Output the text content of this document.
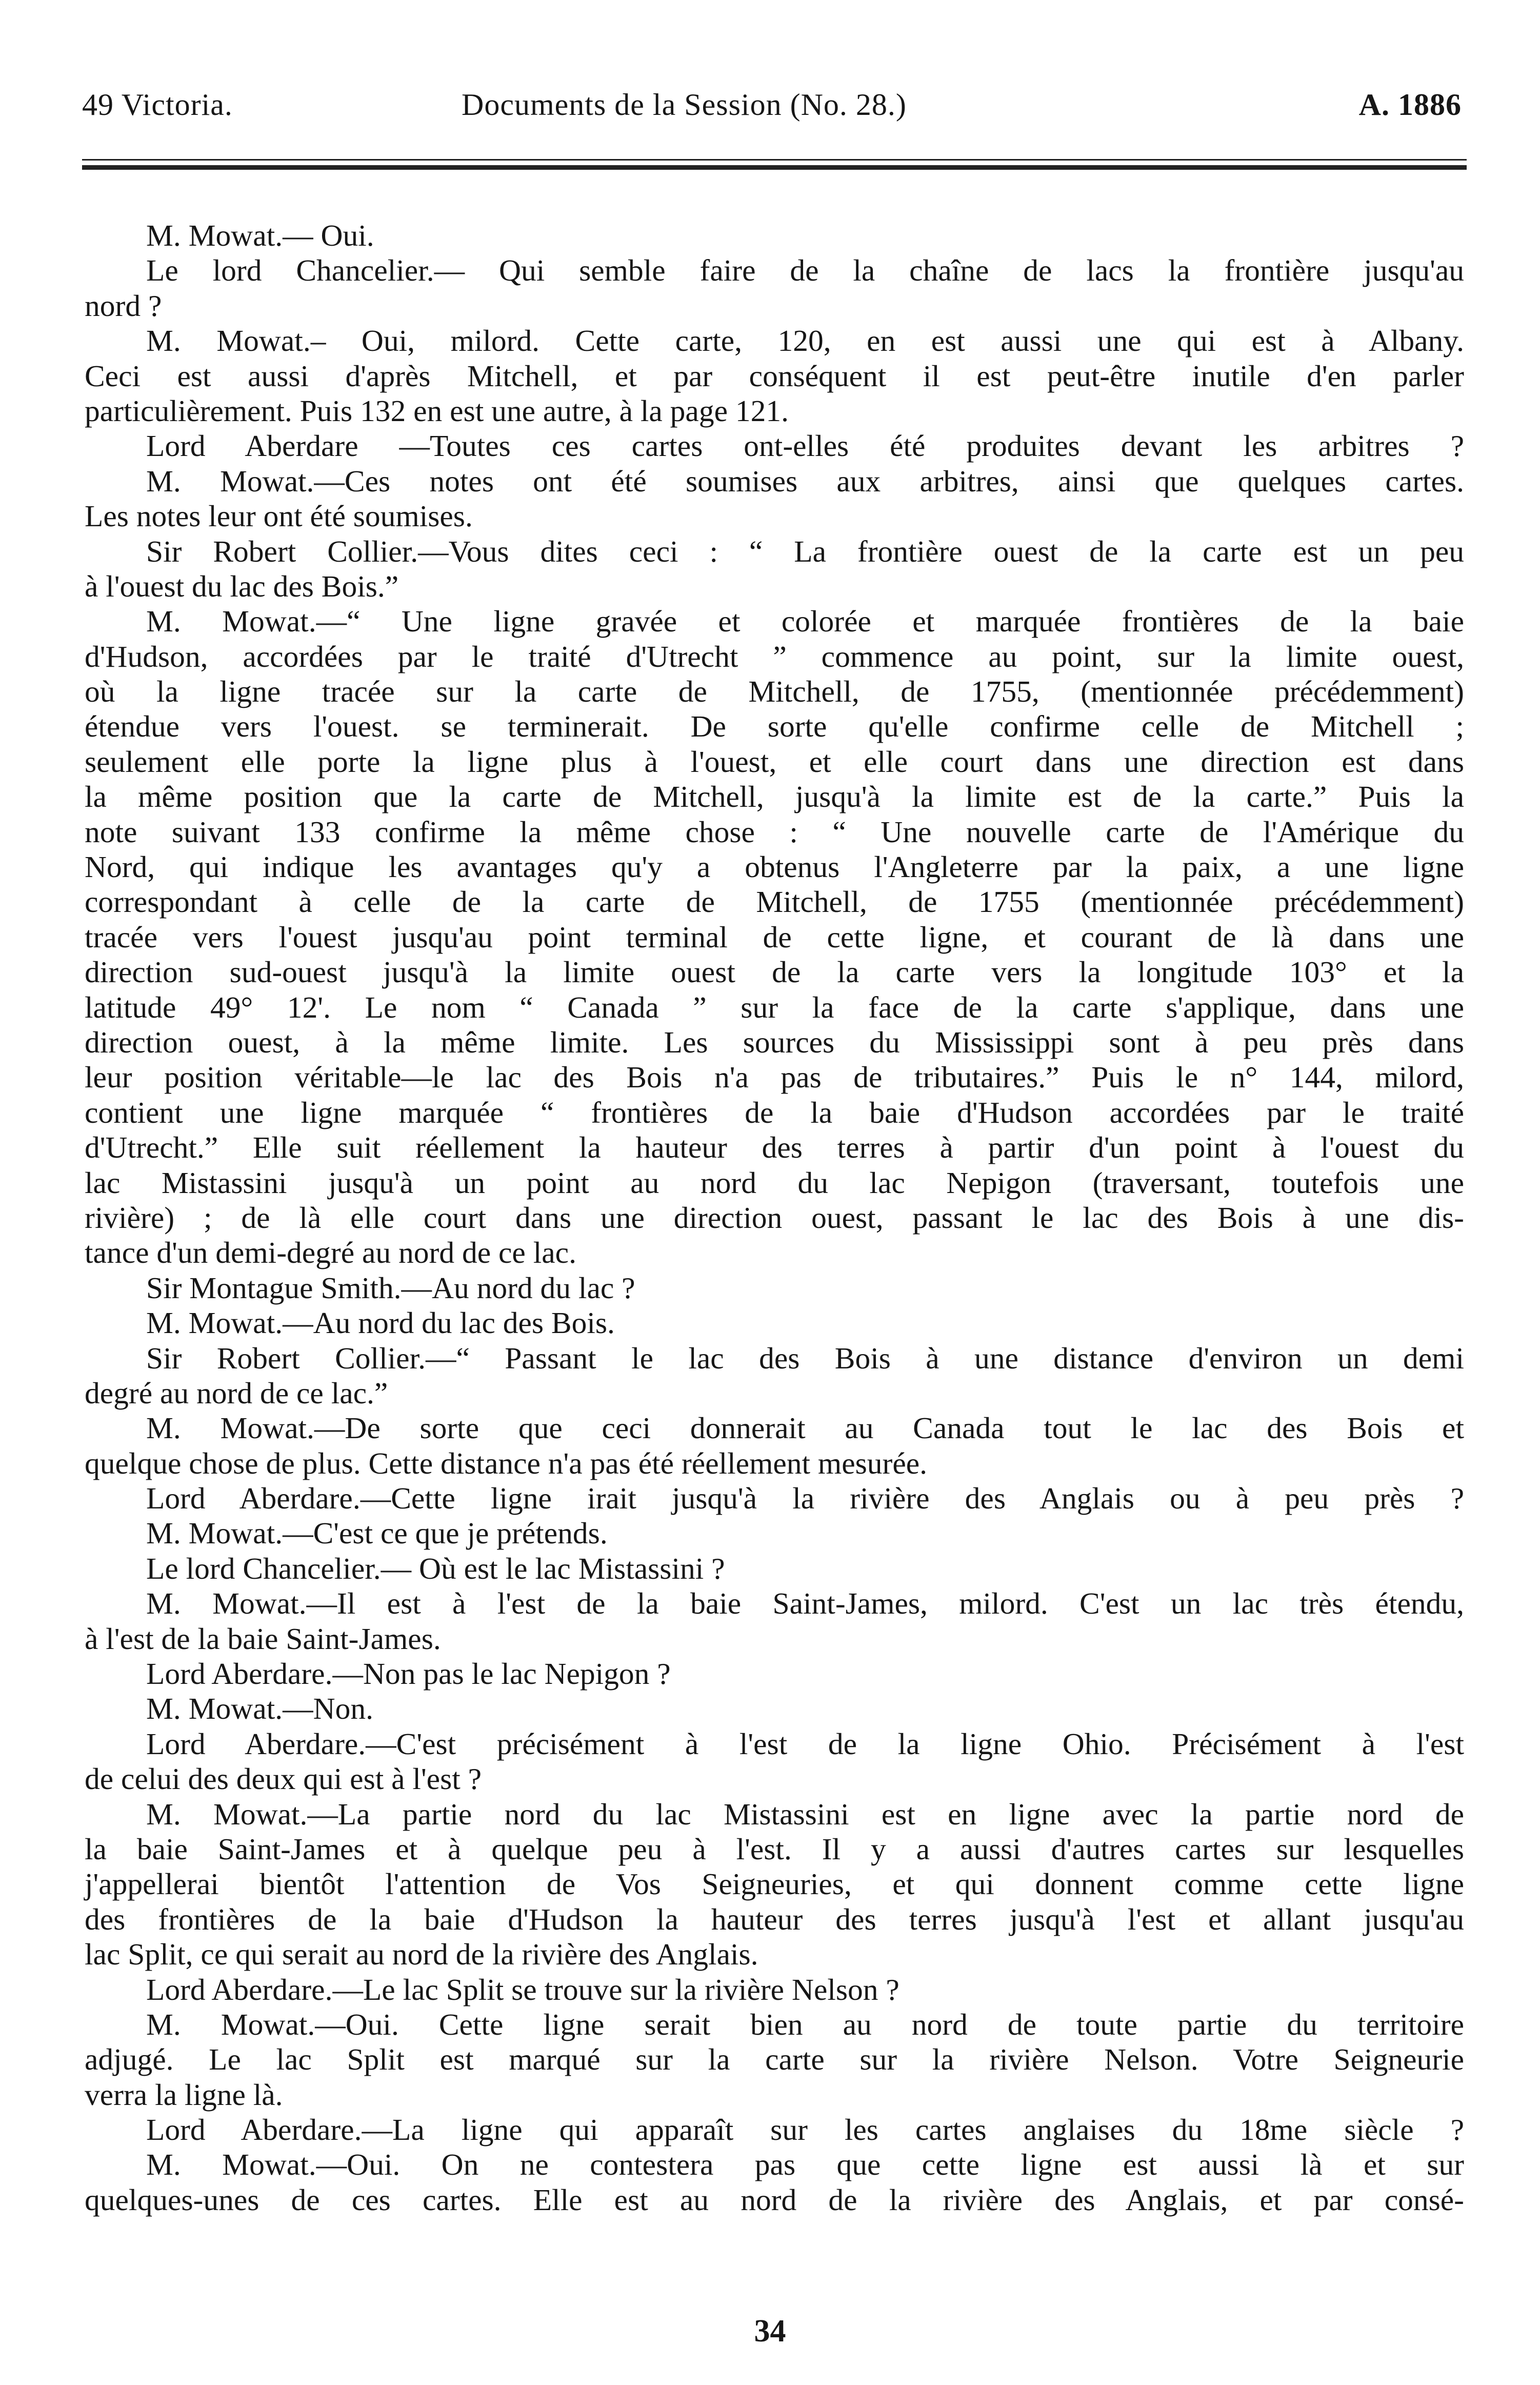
49 Victoria.	Documents de la Session (No. 28.)	A. 1886
M. Mowat.— Oui.
Le lord Chancelier.— Qui semble faire de la chaîne de lacs la frontière jusqu'au
nord ?
M. Mowat.– Oui, milord. Cette carte, 120, en est aussi une qui est à Albany.
Ceci est aussi d'après Mitchell, et par conséquent il est peut-être inutile d'en parler
particulièrement. Puis 132 en est une autre, à la page 121.
Lord Aberdare —Toutes ces cartes ont-elles été produites devant les arbitres ?
M. Mowat.—Ces notes ont été soumises aux arbitres, ainsi que quelques cartes.
Les notes leur ont été soumises.
Sir Robert Collier.—Vous dites ceci : “ La frontière ouest de la carte est un peu
à l'ouest du lac des Bois.”
M. Mowat.—“ Une ligne gravée et colorée et marquée frontières de la baie
d'Hudson, accordées par le traité d'Utrecht ” commence au point, sur la limite ouest,
où la ligne tracée sur la carte de Mitchell, de 1755, (mentionnée précédemment)
étendue vers l'ouest. se terminerait. De sorte qu'elle confirme celle de Mitchell ;
seulement elle porte la ligne plus à l'ouest, et elle court dans une direction est dans
la même position que la carte de Mitchell, jusqu'à la limite est de la carte.” Puis la
note suivant 133 confirme la même chose : “ Une nouvelle carte de l'Amérique du
Nord, qui indique les avantages qu'y a obtenus l'Angleterre par la paix, a une ligne
correspondant à celle de la carte de Mitchell, de 1755 (mentionnée précédemment)
tracée vers l'ouest jusqu'au point terminal de cette ligne, et courant de là dans une
direction sud-ouest jusqu'à la limite ouest de la carte vers la longitude 103° et la
latitude 49° 12'. Le nom “ Canada ” sur la face de la carte s'applique, dans une
direction ouest, à la même limite. Les sources du Mississippi sont à peu près dans
leur position véritable—le lac des Bois n'a pas de tributaires.” Puis le n° 144, milord,
contient une ligne marquée “ frontières de la baie d'Hudson accordées par le traité
d'Utrecht.” Elle suit réellement la hauteur des terres à partir d'un point à l'ouest du
lac Mistassini jusqu'à un point au nord du lac Nepigon (traversant, toutefois une
rivière) ; de là elle court dans une direction ouest, passant le lac des Bois à une dis-
tance d'un demi-degré au nord de ce lac.
Sir Montague Smith.—Au nord du lac ?
M. Mowat.—Au nord du lac des Bois.
Sir Robert Collier.—“ Passant le lac des Bois à une distance d'environ un demi
degré au nord de ce lac.”
M. Mowat.—De sorte que ceci donnerait au Canada tout le lac des Bois et
quelque chose de plus. Cette distance n'a pas été réellement mesurée.
Lord Aberdare.—Cette ligne irait jusqu'à la rivière des Anglais ou à peu près ?
M. Mowat.—C'est ce que je prétends.
Le lord Chancelier.— Où est le lac Mistassini ?
M. Mowat.—Il est à l'est de la baie Saint-James, milord. C'est un lac très étendu,
à l'est de la baie Saint-James.
Lord Aberdare.—Non pas le lac Nepigon ?
M. Mowat.—Non.
Lord Aberdare.—C'est précisément à l'est de la ligne Ohio. Précisément à l'est
de celui des deux qui est à l'est ?
M. Mowat.—La partie nord du lac Mistassini est en ligne avec la partie nord de
la baie Saint-James et à quelque peu à l'est. Il y a aussi d'autres cartes sur lesquelles
j'appellerai bientôt l'attention de Vos Seigneuries, et qui donnent comme cette ligne
des frontières de la baie d'Hudson la hauteur des terres jusqu'à l'est et allant jusqu'au
lac Split, ce qui serait au nord de la rivière des Anglais.
Lord Aberdare.—Le lac Split se trouve sur la rivière Nelson ?
M. Mowat.—Oui. Cette ligne serait bien au nord de toute partie du territoire
adjugé. Le lac Split est marqué sur la carte sur la rivière Nelson. Votre Seigneurie
verra la ligne là.
Lord Aberdare.—La ligne qui apparaît sur les cartes anglaises du 18me siècle ?
M. Mowat.—Oui. On ne contestera pas que cette ligne est aussi là et sur
quelques-unes de ces cartes. Elle est au nord de la rivière des Anglais, et par consé-
34
